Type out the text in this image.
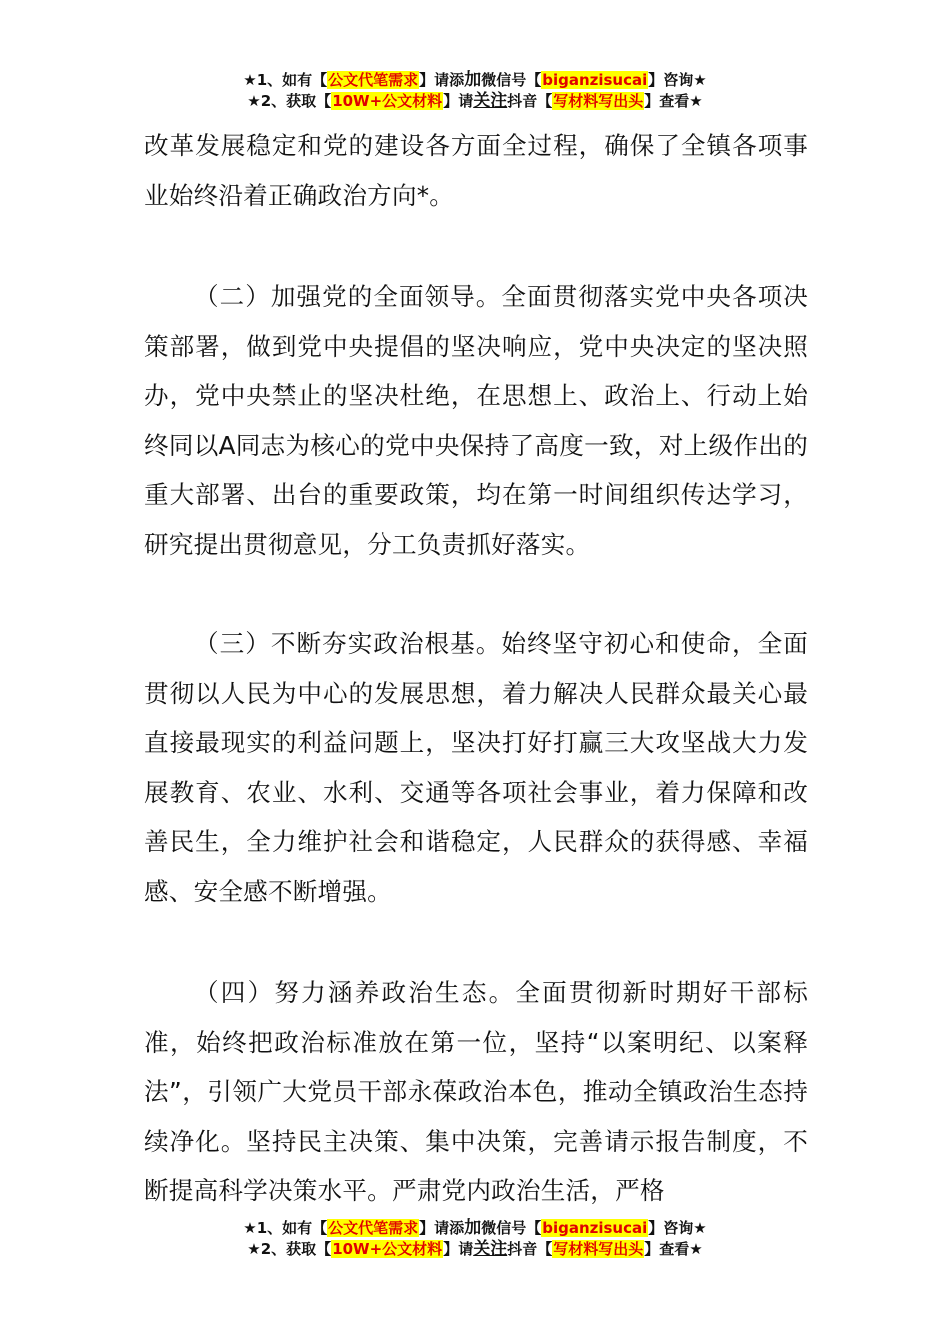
★1、如有【公文代笔需求】请添加微信号【biganzisucai】咨询★
★2、获取【10W+公文材料】请关注抖音【写材料写出头】查看★

改革发展稳定和党的建设各方面全过程，确保了全镇各项事业始终沿着正确政治方向*。

（二）加强党的全面领导。全面贯彻落实党中央各项决策部署，做到党中央提倡的坚决响应，党中央决定的坚决照办，党中央禁止的坚决杜绝，在思想上、政治上、行动上始终同以A同志为核心的党中央保持了高度一致，对上级作出的重大部署、出台的重要政策，均在第一时间组织传达学习，研究提出贯彻意见，分工负责抓好落实。

（三）不断夯实政治根基。始终坚守初心和使命，全面贯彻以人民为中心的发展思想，着力解决人民群众最关心最直接最现实的利益问题上，坚决打好打赢三大攻坚战大力发展教育、农业、水利、交通等各项社会事业，着力保障和改善民生，全力维护社会和谐稳定，人民群众的获得感、幸福感、安全感不断增强。

（四）努力涵养政治生态。全面贯彻新时期好干部标准，始终把政治标准放在第一位，坚持“以案明纪、以案释法”，引领广大党员干部永葆政治本色，推动全镇政治生态持续净化。坚持民主决策、集中决策，完善请示报告制度，不断提高科学决策水平。严肃党内政治生活，严格

★1、如有【公文代笔需求】请添加微信号【biganzisucai】咨询★
★2、获取【10W+公文材料】请关注抖音【写材料写出头】查看★
